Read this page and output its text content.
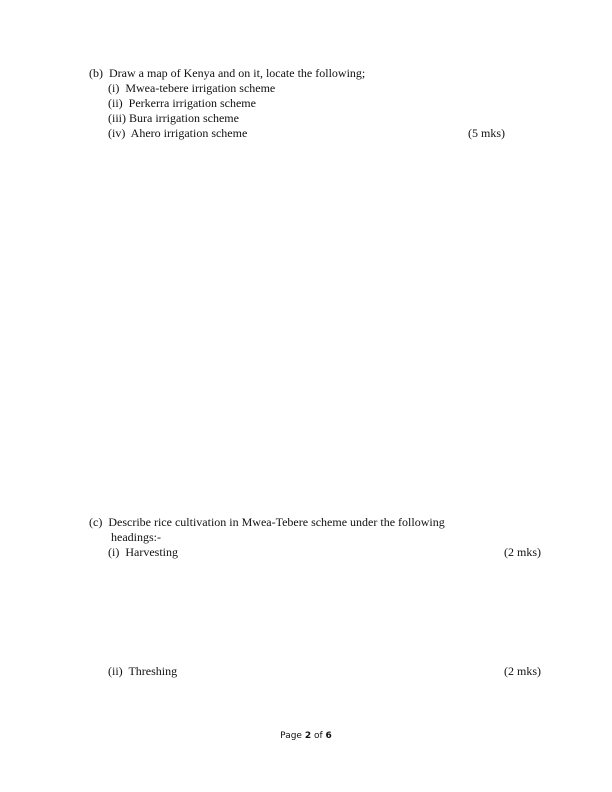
(b) Draw a map of Kenya and on it, locate the following;
(i) Mwea-tebere irrigation scheme
(ii) Perkerra irrigation scheme
(iii) Bura irrigation scheme
(iv) Ahero irrigation scheme	(5 mks)
(c) Describe rice cultivation in Mwea-Tebere scheme under the following
headings:-
(i) Harvesting	(2 mks)
(ii) Threshing	(2 mks)
Page 2 of 6
